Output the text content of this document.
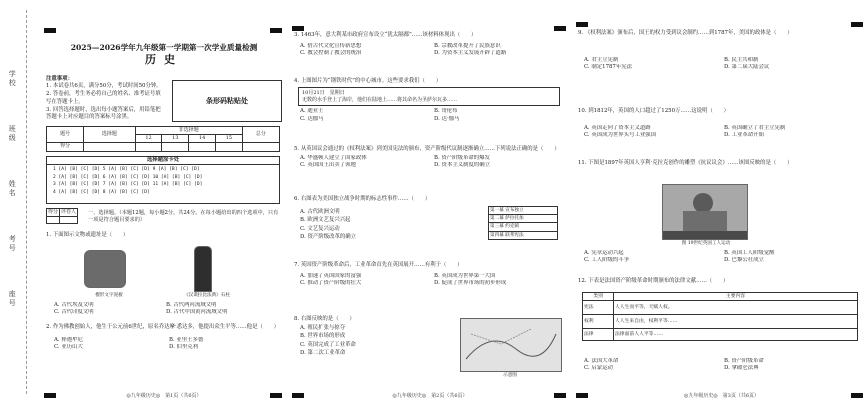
学校
班级
姓名
考号
座号
2025—2026学年九年级第一学期第一次学业质量检测
历史
注意事项：
1. 本试卷共6页，满分50分，考试时间50分钟。
2. 答卷前，考生务必将自己的姓名、准考证号填写在答题卡上。
3. 回答选择题时，选出每小题答案后，用铅笔把答题卡上对应题目的答案标号涂黑。
条形码粘贴处
题号	选择题	非选择题				总分
		12	13	14	15	
得分						
选择题涂卡处
1 [A] [B] [C] [D] 5 [A] [B] [C] [D] 9 [A] [B] [C] [D]
2 [A] [B] [C] [D] 6 [A] [B] [C] [D] 10 [A] [B] [C] [D]
3 [A] [B] [C] [D] 7 [A] [B] [C] [D] 11 [A] [B] [C] [D]
4 [A] [B] [C] [D] 8 [A] [B] [C] [D]
得分	评卷人
	一、选择题。（本题12题，每小题2分，共24分。在每小题给出的四个选项中，只有一项是符合题目要求的）
1. 下面图示文物或遗址是（　　）
楔形文字泥板	《汉谟拉比法典》石柱
A. 古代埃及文明	B. 古代两河流域文明
C. 古代印度文明	D. 古代中国黄河流域文明
2. 作为佛教创始人，他生于公元前6世纪，原名乔达摩·悉达多，他提出众生平等……他是（　　）
A. 释迦牟尼	B. 亚里士多德
C. 亚历山大	D. 伯里克利
◎九年级历史◎　第1页（共6页）
3. 1463年，意大利某市政府宣布设立“犹太隔都”……该材料体现出（　　）
A. 借古代文化宣传新思想	B. 宗教改革提升了民族意识
C. 教会控制了教会的统治	D. 为资本主义发展开辟了道路
4. 上图图片为“钢铁时代”的中心城市。这些要求我们（　　）
10月21日　星期日
无数的水手登上了海岸，他们在陆地上……将其命名为圣萨尔瓦多……
A. 迪亚士	B. 哥伦布
C. 达伽马	D. 达·伽马
5. 从英国议会通过的《权利法案》到美国宪法的颁布，资产阶级代议制逐渐确立……下列说法正确的是（　　）
A. 华盛顿人建立了国家政体	B. 资产阶级革命的爆发
C. 英国国王出卖了领地	D. 资本主义制度的确立
6. 右图表为美国独立战争时期的标志性事件……（　　）
A. 古代欧洲文明
B. 欧洲文艺复兴兴起
C. 文艺复兴运动
D. 资产阶级改革的确立
第一幕 宣布独立
第二幕 萨拉托加
第三幕 约克镇
第四幕 联邦宪法
7. 英国资产阶级革命后，工业革命首先在英国展开……有利于（　　）
A. 加速了英国国家的富强	B. 英国成为世界第一大国
C. 推动了资产阶级的壮大	D. 促成了世界市场的初步形成
8. 右图反映的是（　　）
A. 殖民扩张与掠夺
B. 世界市场的形成
C. 英国完成了工业革命
D. 第二次工业革命
示意图
◎九年级历史◎　第2页（共6页）
9. 《权利法案》颁布后，国王的权力受到议会制约……到1787年，美国的政体是（　　）
A. 君主立宪制	B. 民主共和制
C. 制定1787年宪法	D. 第二届大陆会议
10. 到1812年，英国的人口超过了1250万……这说明（　　）
A. 英国走向了资本主义道路	B. 英国确立了君主立宪制
C. 英国成为世界头号工业强国	D. 工业革命开始
11. 下图是1897年英国人亨利·克拉克创作的雕塑《抗议议会》……该图反映的是（　　）
图 19世纪英国工人运动
A. 宪章运动兴起	B. 英国工人阶级觉醒
C. 工人阶级的斗争	D. 巴黎公社成立
12. 下表是法国资产阶级革命时期颁布的法律文献……（　　）
类别	主要内容
宪法	人人生而平等，天赋人权。
权利	人人生来自由，权利平等……
法律	法律面前人人平等……
A. 法国大革命	B. 资产阶级革命
C. 启蒙运动	D. 拿破仑法典
◎九年级历史◎　第3页（共6页）
